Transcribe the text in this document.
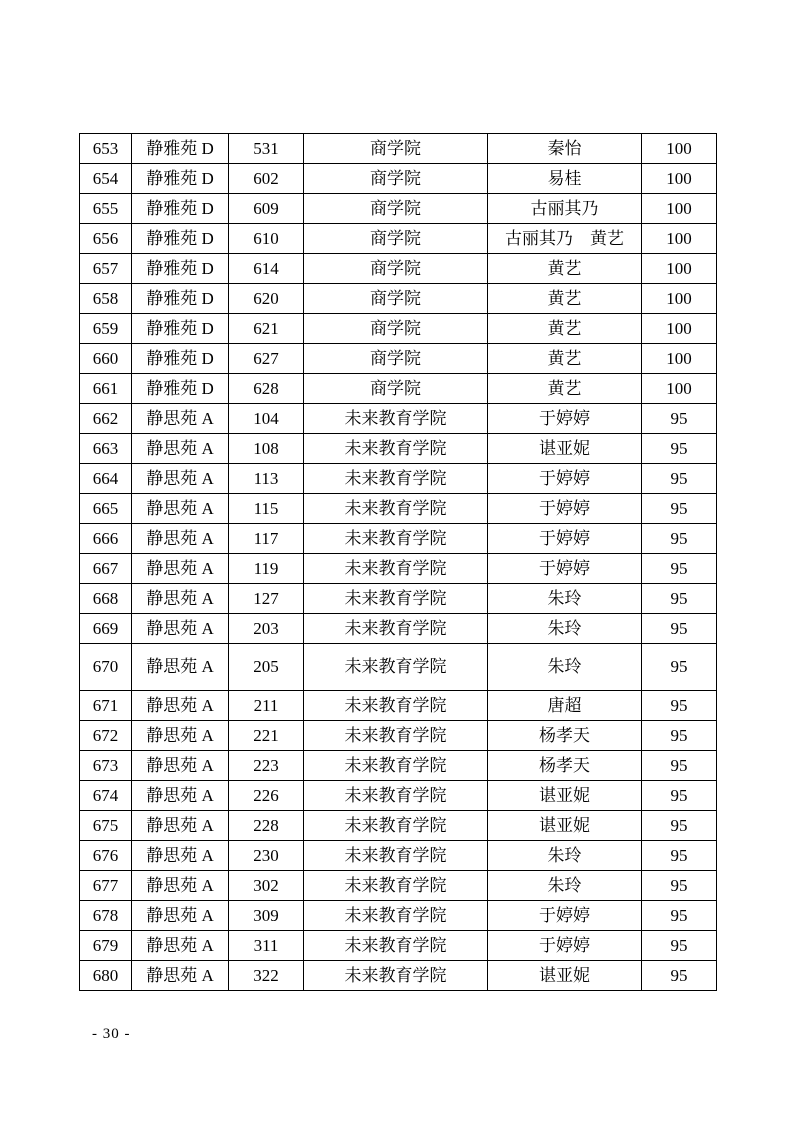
653	静雅苑 D	531	商学院	秦怡	100
654	静雅苑 D	602	商学院	易桂	100
655	静雅苑 D	609	商学院	古丽其乃	100
656	静雅苑 D	610	商学院	古丽其乃　黄艺	100
657	静雅苑 D	614	商学院	黄艺	100
658	静雅苑 D	620	商学院	黄艺	100
659	静雅苑 D	621	商学院	黄艺	100
660	静雅苑 D	627	商学院	黄艺	100
661	静雅苑 D	628	商学院	黄艺	100
662	静思苑 A	104	未来教育学院	于婷婷	95
663	静思苑 A	108	未来教育学院	谌亚妮	95
664	静思苑 A	113	未来教育学院	于婷婷	95
665	静思苑 A	115	未来教育学院	于婷婷	95
666	静思苑 A	117	未来教育学院	于婷婷	95
667	静思苑 A	119	未来教育学院	于婷婷	95
668	静思苑 A	127	未来教育学院	朱玲	95
669	静思苑 A	203	未来教育学院	朱玲	95
670	静思苑 A	205	未来教育学院	朱玲	95
671	静思苑 A	211	未来教育学院	唐超	95
672	静思苑 A	221	未来教育学院	杨孝天	95
673	静思苑 A	223	未来教育学院	杨孝天	95
674	静思苑 A	226	未来教育学院	谌亚妮	95
675	静思苑 A	228	未来教育学院	谌亚妮	95
676	静思苑 A	230	未来教育学院	朱玲	95
677	静思苑 A	302	未来教育学院	朱玲	95
678	静思苑 A	309	未来教育学院	于婷婷	95
679	静思苑 A	311	未来教育学院	于婷婷	95
680	静思苑 A	322	未来教育学院	谌亚妮	95
- 30 -
